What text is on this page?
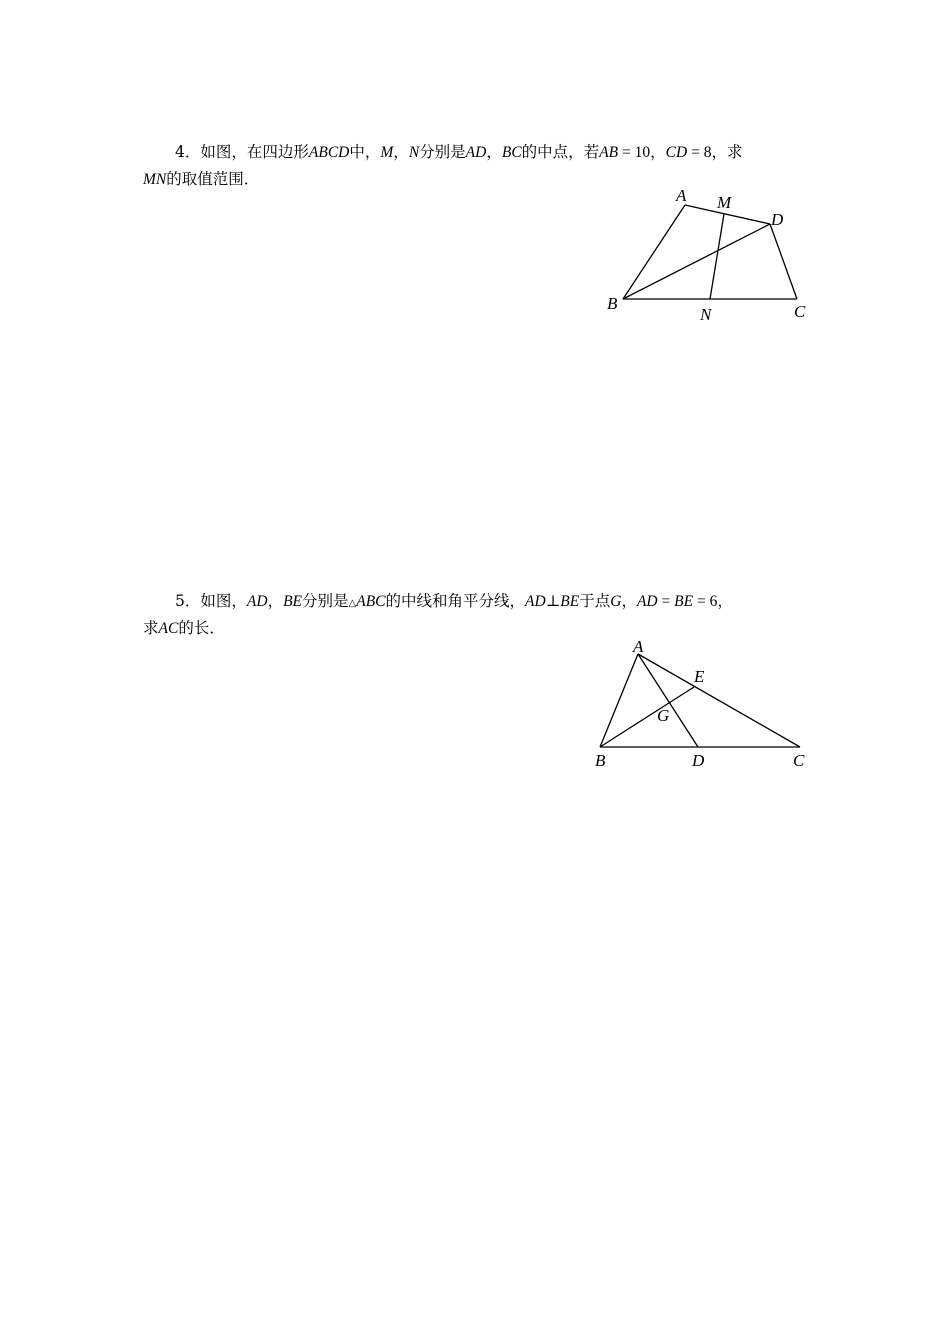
4．如图，在四边形ABCD中，M，N分别是AD，BC的中点，若AB = 10，CD = 8，求
MN的取值范围．
A M
D
B
N	C
5．如图，AD，BE分别是△ABC的中线和角平分线，AD⊥BE于点G，AD = BE = 6，
求AC的长．
A
E
G
B	D	C
